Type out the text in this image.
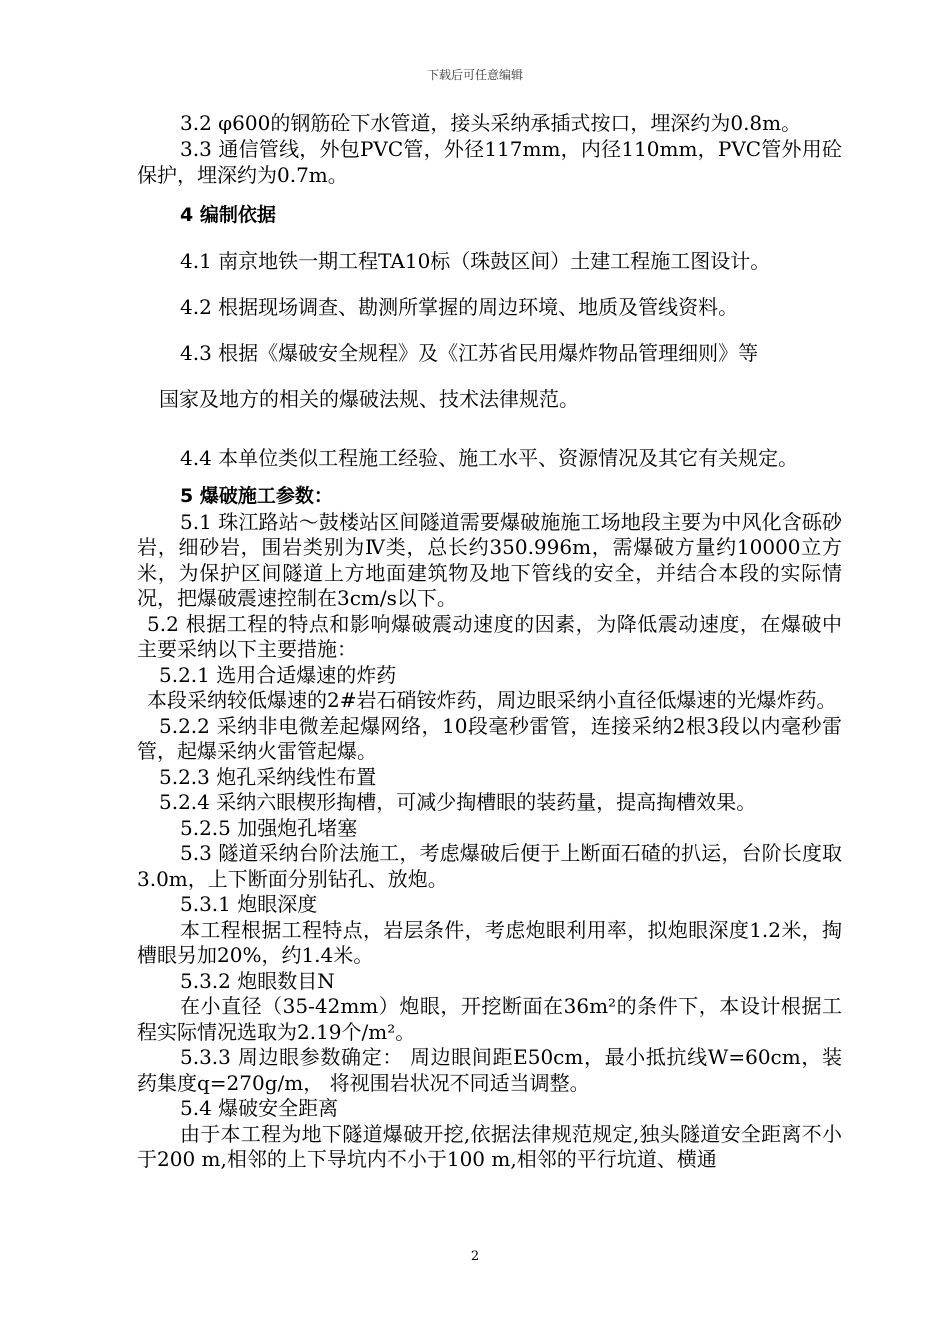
下载后可任意编辑

3.2 φ600的钢筋砼下水管道，接头采纳承插式按口，埋深约为0.8m。

3.3 通信管线，外包PVC管，外径117mm，内径110mm，PVC管外用砼保护，埋深约为0.7m。

4 编制依据

4.1 南京地铁一期工程TA10标（珠鼓区间）土建工程施工图设计。

4.2 根据现场调查、勘测所掌握的周边环境、地质及管线资料。

4.3 根据《爆破安全规程》及《江苏省民用爆炸物品管理细则》等

国家及地方的相关的爆破法规、技术法律规范。

4.4 本单位类似工程施工经验、施工水平、资源情况及其它有关规定。

5 爆破施工参数：

5.1 珠江路站～鼓楼站区间隧道需要爆破施施工场地段主要为中风化含砾砂岩，细砂岩，围岩类别为Ⅳ类，总长约350.996m，需爆破方量约10000立方米，为保护区间隧道上方地面建筑物及地下管线的安全，并结合本段的实际情况，把爆破震速控制在3cm/s以下。

5.2 根据工程的特点和影响爆破震动速度的因素，为降低震动速度，在爆破中主要采纳以下主要措施：

5.2.1 选用合适爆速的炸药

本段采纳较低爆速的2#岩石硝铵炸药，周边眼采纳小直径低爆速的光爆炸药。

5.2.2 采纳非电微差起爆网络，10段毫秒雷管，连接采纳2根3段以内毫秒雷管，起爆采纳火雷管起爆。

5.2.3 炮孔采纳线性布置

5.2.4 采纳六眼楔形掏槽，可减少掏槽眼的装药量，提高掏槽效果。

5.2.5 加强炮孔堵塞

5.3 隧道采纳台阶法施工，考虑爆破后便于上断面石碴的扒运，台阶长度取3.0m，上下断面分别钻孔、放炮。

5.3.1 炮眼深度

本工程根据工程特点，岩层条件，考虑炮眼利用率，拟炮眼深度1.2米，掏槽眼另加20%，约1.4米。

5.3.2 炮眼数目N

在小直径（35-42mm）炮眼，开挖断面在36m²的条件下，本设计根据工程实际情况选取为2.19个/m²。

5.3.3 周边眼参数确定： 周边眼间距E50cm，最小抵抗线W=60cm，装药集度q=270g/m， 将视围岩状况不同适当调整。

5.4 爆破安全距离

由于本工程为地下隧道爆破开挖,依据法律规范规定,独头隧道安全距离不小于200 m,相邻的上下导坑内不小于100 m,相邻的平行坑道、横通

2
